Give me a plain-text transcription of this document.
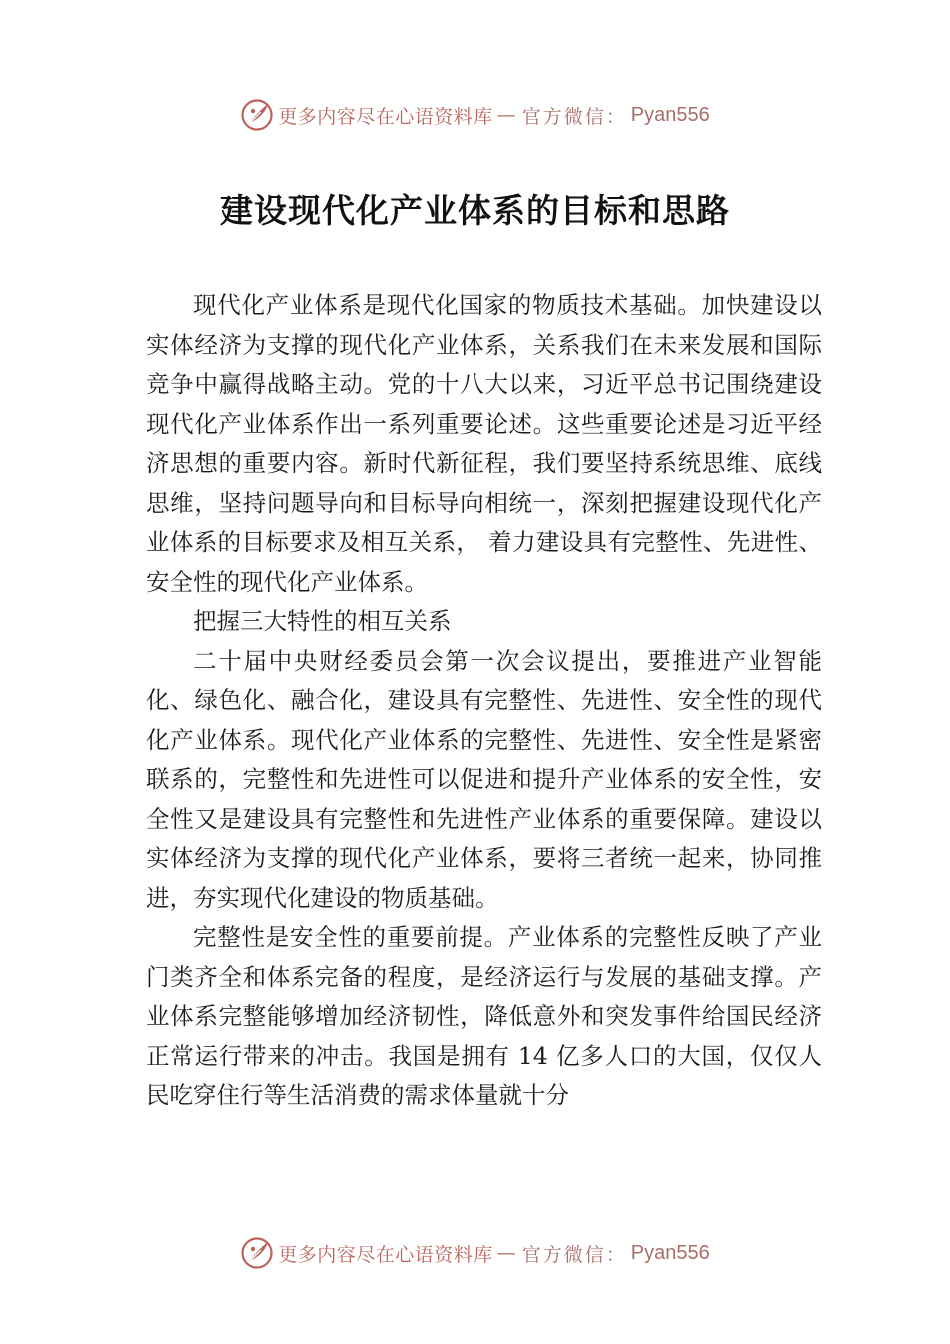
更多内容尽在心语资料库 — 官方微信： Pyan556
建设现代化产业体系的目标和思路

现代化产业体系是现代化国家的物质技术基础。加快建设以实体经济为支撑的现代化产业体系，关系我们在未来发展和国际竞争中赢得战略主动。党的十八大以来，习近平总书记围绕建设现代化产业体系作出一系列重要论述。这些重要论述是习近平经济思想的重要内容。新时代新征程，我们要坚持系统思维、底线思维，坚持问题导向和目标导向相统一，深刻把握建设现代化产业体系的目标要求及相互关系， 着力建设具有完整性、先进性、安全性的现代化产业体系。

把握三大特性的相互关系

二十届中央财经委员会第一次会议提出，要推进产业智能化、绿色化、融合化，建设具有完整性、先进性、安全性的现代化产业体系。现代化产业体系的完整性、先进性、安全性是紧密联系的，完整性和先进性可以促进和提升产业体系的安全性，安全性又是建设具有完整性和先进性产业体系的重要保障。建设以实体经济为支撑的现代化产业体系，要将三者统一起来，协同推进，夯实现代化建设的物质基础。

完整性是安全性的重要前提。产业体系的完整性反映了产业门类齐全和体系完备的程度，是经济运行与发展的基础支撑。产业体系完整能够增加经济韧性，降低意外和突发事件给国民经济正常运行带来的冲击。我国是拥有 14 亿多人口的大国，仅仅人民吃穿住行等生活消费的需求体量就十分

更多内容尽在心语资料库 — 官方微信： Pyan556
